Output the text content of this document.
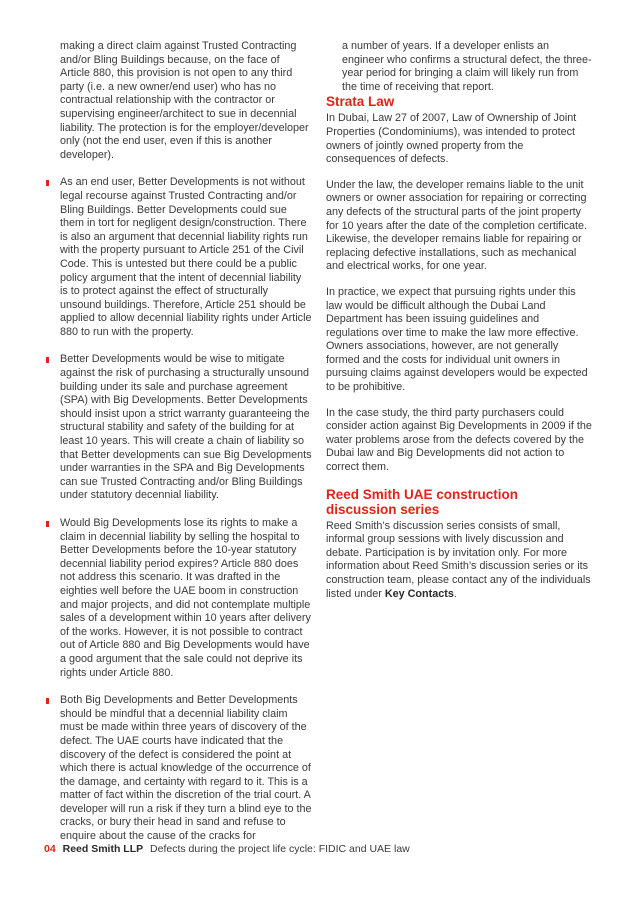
making a direct claim against Trusted Contracting and/or Bling Buildings because, on the face of Article 880, this provision is not open to any third party (i.e. a new owner/end user) who has no contractual relationship with the contractor or supervising engineer/architect to sue in decennial liability. The protection is for the employer/developer only (not the end user, even if this is another developer).

As an end user, Better Developments is not without legal recourse against Trusted Contracting and/or Bling Buildings. Better Developments could sue them in tort for negligent design/construction. There is also an argument that decennial liability rights run with the property pursuant to Article 251 of the Civil Code. This is untested but there could be a public policy argument that the intent of decennial liability is to protect against the effect of structurally unsound buildings. Therefore, Article 251 should be applied to allow decennial liability rights under Article 880 to run with the property.
Better Developments would be wise to mitigate against the risk of purchasing a structurally unsound building under its sale and purchase agreement (SPA) with Big Developments. Better Developments should insist upon a strict warranty guaranteeing the structural stability and safety of the building for at least 10 years. This will create a chain of liability so that Better developments can sue Big Developments under warranties in the SPA and Big Developments can sue Trusted Contracting and/or Bling Buildings under statutory decennial liability.
Would Big Developments lose its rights to make a claim in decennial liability by selling the hospital to Better Developments before the 10-year statutory decennial liability period expires? Article 880 does not address this scenario. It was drafted in the eighties well before the UAE boom in construction and major projects, and did not contemplate multiple sales of a development within 10 years after delivery of the works. However, it is not possible to contract out of Article 880 and Big Developments would have a good argument that the sale could not deprive its rights under Article 880.
Both Big Developments and Better Developments should be mindful that a decennial liability claim must be made within three years of discovery of the defect. The UAE courts have indicated that the discovery of the defect is considered the point at which there is actual knowledge of the occurrence of the damage, and certainty with regard to it. This is a matter of fact within the discretion of the trial court. A developer will run a risk if they turn a blind eye to the cracks, or bury their head in sand and refuse to enquire about the cause of the cracks for

a number of years. If a developer enlists an engineer who confirms a structural defect, the three-year period for bringing a claim will likely run from the time of receiving that report.

Strata Law

In Dubai, Law 27 of 2007, Law of Ownership of Joint Properties (Condominiums), was intended to protect owners of jointly owned property from the consequences of defects.

Under the law, the developer remains liable to the unit owners or owner association for repairing or correcting any defects of the structural parts of the joint property for 10 years after the date of the completion certificate. Likewise, the developer remains liable for repairing or replacing defective installations, such as mechanical and electrical works, for one year.

In practice, we expect that pursuing rights under this law would be difficult although the Dubai Land Department has been issuing guidelines and regulations over time to make the law more effective. Owners associations, however, are not generally formed and the costs for individual unit owners in pursuing claims against developers would be expected to be prohibitive.

In the case study, the third party purchasers could consider action against Big Developments in 2009 if the water problems arose from the defects covered by the Dubai law and Big Developments did not action to correct them.

Reed Smith UAE construction discussion series

Reed Smith’s discussion series consists of small, informal group sessions with lively discussion and debate. Participation is by invitation only. For more information about Reed Smith’s discussion series or its construction team, please contact any of the individuals listed under Key Contacts.

04 Reed Smith LLP Defects during the project life cycle: FIDIC and UAE law
